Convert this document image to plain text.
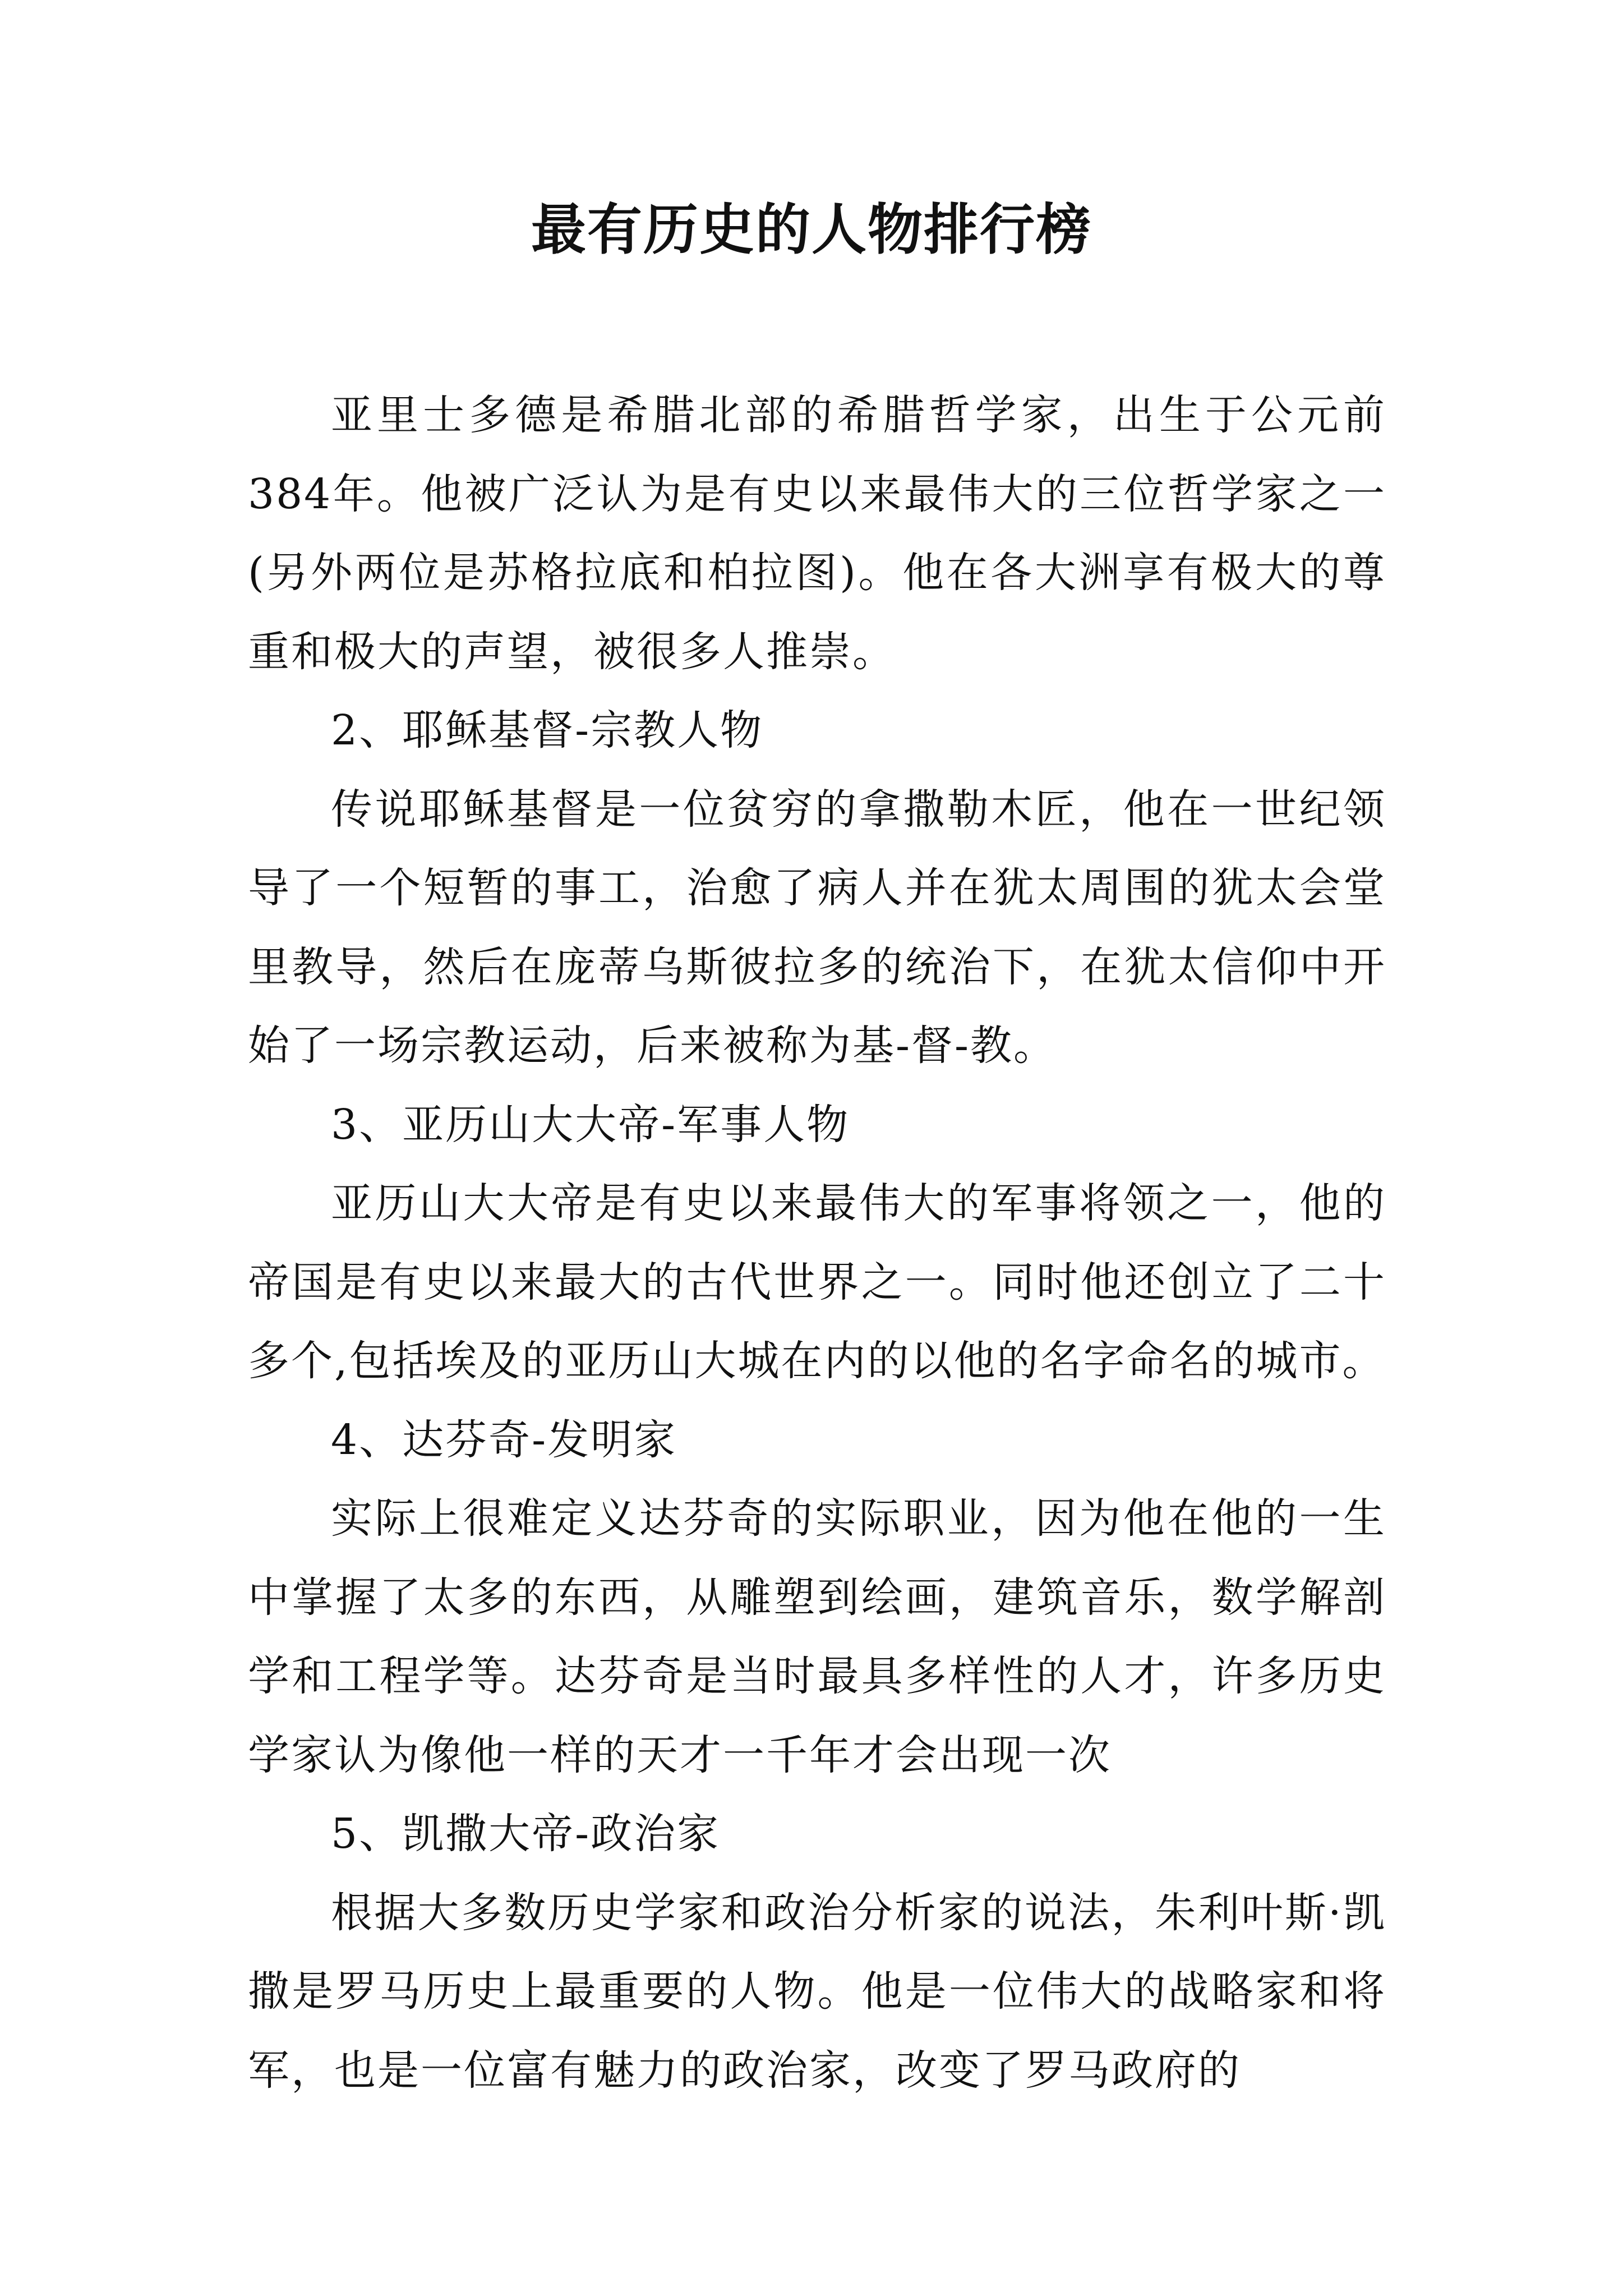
最有历史的人物排行榜

亚里士多德是希腊北部的希腊哲学家，出生于公元前384年。他被广泛认为是有史以来最伟大的三位哲学家之一(另外两位是苏格拉底和柏拉图)。他在各大洲享有极大的尊重和极大的声望，被很多人推崇。

2、耶稣基督-宗教人物

传说耶稣基督是一位贫穷的拿撒勒木匠，他在一世纪领导了一个短暂的事工，治愈了病人并在犹太周围的犹太会堂里教导，然后在庞蒂乌斯彼拉多的统治下，在犹太信仰中开始了一场宗教运动，后来被称为基-督-教。

3、亚历山大大帝-军事人物

亚历山大大帝是有史以来最伟大的军事将领之一，他的帝国是有史以来最大的古代世界之一。同时他还创立了二十多个,包括埃及的亚历山大城在内的以他的名字命名的城市。

4、达芬奇-发明家

实际上很难定义达芬奇的实际职业，因为他在他的一生中掌握了太多的东西，从雕塑到绘画，建筑音乐，数学解剖学和工程学等。达芬奇是当时最具多样性的人才，许多历史学家认为像他一样的天才一千年才会出现一次

5、凯撒大帝-政治家

根据大多数历史学家和政治分析家的说法，朱利叶斯·凯撒是罗马历史上最重要的人物。他是一位伟大的战略家和将军，也是一位富有魅力的政治家，改变了罗马政府的
